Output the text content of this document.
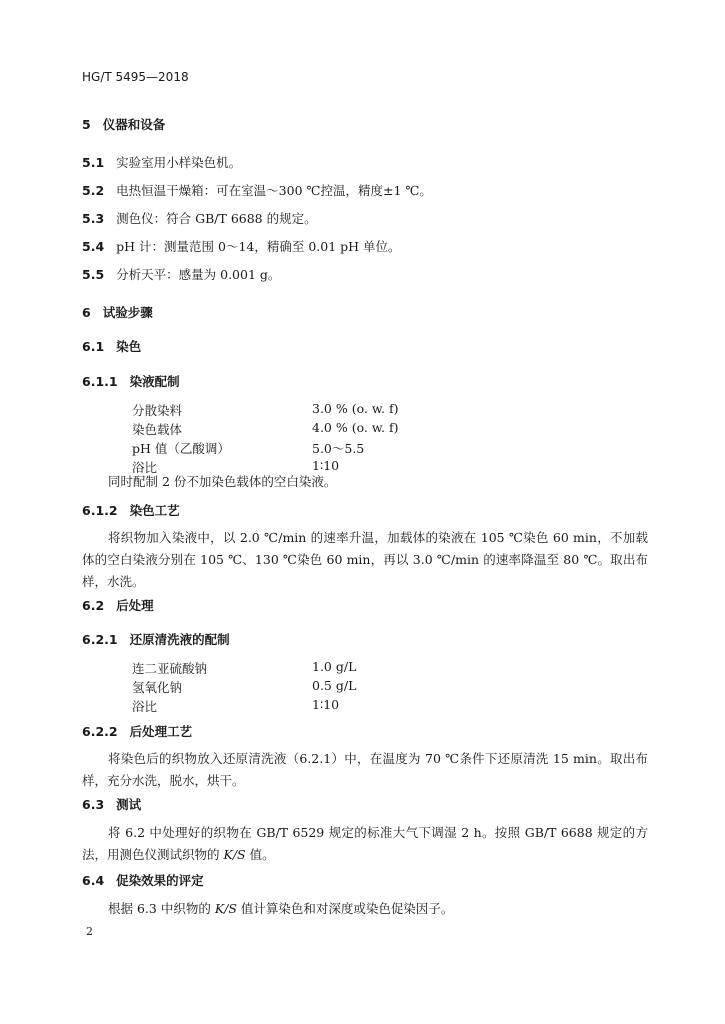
HG/T 5495—2018
5 仪器和设备
5.1 实验室用小样染色机。
5.2 电热恒温干燥箱：可在室温～300 ℃控温，精度±1 ℃。
5.3 测色仪：符合 GB/T 6688 的规定。
5.4 pH 计：测量范围 0～14，精确至 0.01 pH 单位。
5.5 分析天平：感量为 0.001 g。
6 试验步骤
6.1 染色
6.1.1 染液配制
分散染料	3.0 % (o. w. f)
染色载体	4.0 % (o. w. f)
pH 值（乙酸调）	5.0～5.5
浴比	1∶10
同时配制 2 份不加染色载体的空白染液。
6.1.2 染色工艺
将织物加入染液中，以 2.0 ℃/min 的速率升温，加载体的染液在 105 ℃染色 60 min，不加载体的空白染液分别在 105 ℃、130 ℃染色 60 min，再以 3.0 ℃/min 的速率降温至 80 ℃。取出布样，水洗。
6.2 后处理
6.2.1 还原清洗液的配制
连二亚硫酸钠	1.0 g/L
氢氧化钠	0.5 g/L
浴比	1∶10
6.2.2 后处理工艺
将染色后的织物放入还原清洗液（6.2.1）中，在温度为 70 ℃条件下还原清洗 15 min。取出布样，充分水洗，脱水，烘干。
6.3 测试
将 6.2 中处理好的织物在 GB/T 6529 规定的标准大气下调湿 2 h。按照 GB/T 6688 规定的方法，用测色仪测试织物的 K/S 值。
6.4 促染效果的评定
根据 6.3 中织物的 K/S 值计算染色和对深度或染色促染因子。
2
